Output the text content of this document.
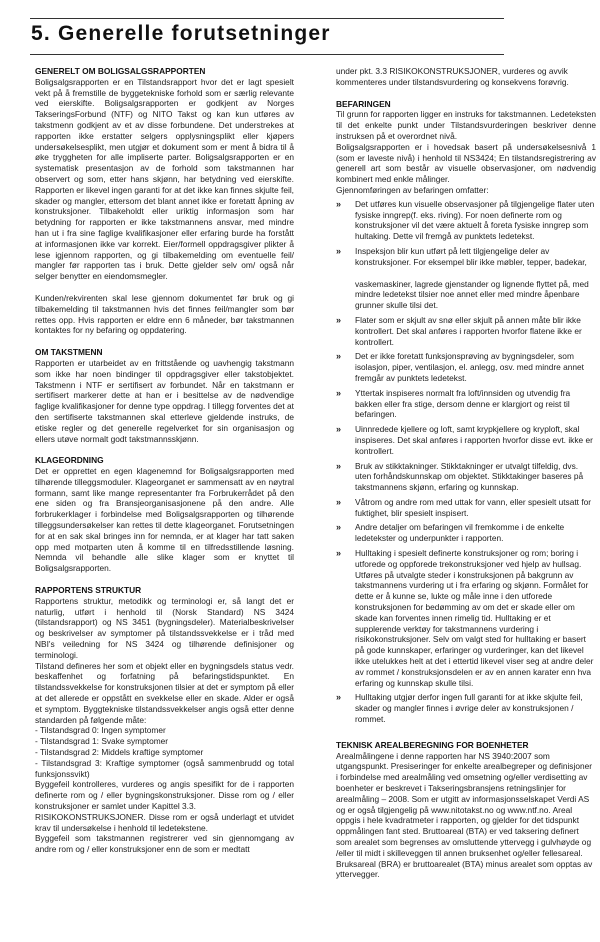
5. Generelle forutsetninger

GENERELT OM BOLIGSALGSRAPPORTEN

Boligsalgsrapporten er en Tilstandsrapport hvor det er lagt spesielt vekt på å fremstille de byggetekniske forhold som er særlig relevante ved eierskifte. Boligsalgsrapporten er godkjent av Norges TakseringsForbund (NTF) og NITO Takst og kan kun utføres av takstmenn godkjent av et av disse forbundene. Det understrekes at rapporten ikke erstatter selgers opplysningsplikt eller kjøpers undersøkelsesplikt, men utgjør et dokument som er ment å bidra til å øke tryggheten for alle impliserte parter. Boligsalgsrapporten er en systematisk presentasjon av de forhold som takstmannen har observert og som, etter hans skjønn, har betydning ved eierskifte. Rapporten er likevel ingen garanti for at det ikke kan finnes skjulte feil, skader og mangler, ettersom det blant annet ikke er foretatt åpning av konstruksjoner. Tilbakeholdt eller uriktig informasjon som har betydning for rapporten er ikke takstmannens ansvar, med mindre han ut i fra sine faglige kvalifikasjoner eller erfaring burde ha forstått at informasjonen ikke var korrekt. Eier/formell oppdragsgiver plikter å lese igjennom rapporten, og gi tilbakemelding om eventuelle feil/ mangler før rapporten tas i bruk. Dette gjelder selv om/ også når selger benytter en eiendomsmegler.

Kunden/rekvirenten skal lese gjennom dokumentet før bruk og gi tilbakemelding til takstmannen hvis det finnes feil/mangler som bør rettes opp. Hvis rapporten er eldre enn 6 måneder, bør takstmannen kontaktes for ny befaring og oppdatering.

OM TAKSTMENN

Rapporten er utarbeidet av en frittstående og uavhengig takstmann som ikke har noen bindinger til oppdragsgiver eller takstobjektet. Takstmenn i NTF er sertifisert av forbundet. Når en takstmann er sertifisert markerer dette at han er i besittelse av de nødvendige faglige kvalifikasjoner for denne type oppdrag. I tillegg forventes det at den sertifiserte takstmannen skal etterleve gjeldende instruks, de etiske regler og det generelle regelverket for sin organisasjon og ellers utøve normalt godt takstmannsskjønn.

KLAGEORDNING

Det er opprettet en egen klagenemnd for Boligsalgsrapporten med tilhørende tilleggsmoduler. Klageorganet er sammensatt av en nøytral formann, samt like mange representanter fra Forbrukerrådet på den ene siden og fra Bransjeorganisasjonene på den andre. Alle forbrukerklager i forbindelse med Boligsalgsrapporten og tilhørende tilleggsundersøkelser kan rettes til dette klageorganet. Forutsetningen for at en sak skal bringes inn for nemnda, er at klager har tatt saken opp med motparten uten å komme til en tilfredsstillende løsning. Nemnda vil behandle alle slike klager som er knyttet til Boligsalgsrapporten.

RAPPORTENS STRUKTUR

Rapportens struktur, metodikk og terminologi er, så langt det er naturlig, utført i henhold til (Norsk Standard) NS 3424 (tilstandsrapport) og NS 3451 (bygningsdeler). Materialbeskrivelser og beskrivelser av symptomer på tilstandssvekkelse er i tråd med NBI's veiledning for NS 3424 og tilhørende definisjoner og terminologi.

Tilstand defineres her som et objekt eller en bygningsdels status vedr. beskaffenhet og forfatning på befaringstidspunktet. En tilstandssvekkelse for konstruksjonen tilsier at det er symptom på eller at det allerede er oppstått en svekkelse eller en skade. Alder er også et symptom. Byggtekniske tilstandssvekkelser angis også etter denne standarden på følgende måte:

- Tilstandsgrad 0: Ingen symptomer

- Tilstandsgrad 1: Svake symptomer

- Tilstandsgrad 2: Middels kraftige symptomer

- Tilstandsgrad 3: Kraftige symptomer (også sammenbrudd og total funksjonssvikt)

Byggefeil kontrolleres, vurderes og angis spesifikt for de i rapporten definerte rom og / eller bygningskonstruksjoner. Disse rom og / eller konstruksjoner er samlet under Kapittel 3.3.

RISIKOKONSTRUKSJONER. Disse rom er også underlagt et utvidet krav til undersøkelse i henhold til ledetekstene.

Byggefeil som takstmannen registrerer ved sin gjennomgang av andre rom og / eller konstruksjoner enn de som er medtatt

under pkt. 3.3 RISIKOKONSTRUKSJONER, vurderes og avvik kommenteres under tilstandsvurdering og konsekvens forøvrig.

BEFARINGEN

Til grunn for rapporten ligger en instruks for takstmannen. Ledeteksten til det enkelte punkt under Tilstandsvurderingen beskriver denne instruksen på et overordnet nivå.

Boligsalgsrapporten er i hovedsak basert på undersøkelsesnivå 1 (som er laveste nivå) i henhold til NS3424; En tilstandsregistrering av generell art som består av visuelle observasjoner, om nødvendig kombinert med enkle målinger.

Gjennomføringen av befaringen omfatter:

» Det utføres kun visuelle observasjoner på tilgjengelige flater uten fysiske inngrep(f. eks. riving). For noen definerte rom og konstruksjoner vil det være aktuelt å foreta fysiske inngrep som hultaking. Dette vil fremgå av punktets ledetekst.
» Inspeksjon blir kun utført på lett tilgjengelige deler av konstruksjoner. For eksempel blir ikke møbler, tepper, badekar,
vaskemaskiner, lagrede gjenstander og lignende flyttet på, med mindre ledetekst tilsier noe annet eller med mindre åpenbare grunner skulle tilsi det.
» Flater som er skjult av snø eller skjult på annen måte blir ikke kontrollert. Det skal anføres i rapporten hvorfor flatene ikke er kontrollert.
» Det er ikke foretatt funksjonsprøving av bygningsdeler, som isolasjon, piper, ventilasjon, el. anlegg, osv. med mindre annet fremgår av punktets ledetekst.
» Yttertak inspiseres normalt fra loft/innsiden og utvendig fra bakken eller fra stige, dersom denne er klargjort og reist til befaringen.
» Uinnredede kjellere og loft, samt krypkjellere og kryploft, skal inspiseres. Det skal anføres i rapporten hvorfor disse evt. ikke er kontrollert.
» Bruk av stikktakninger. Stikktakninger er utvalgt tilfeldig, dvs. uten forhåndskunnskap om objektet. Stikktakinger baseres på takstmannens skjønn, erfaring og kunnskap.
» Våtrom og andre rom med uttak for vann, eller spesielt utsatt for fuktighet, blir spesielt inspisert.
» Andre detaljer om befaringen vil fremkomme i de enkelte ledetekster og underpunkter i rapporten.
» Hulltaking i spesielt definerte konstruksjoner og rom; boring i utforede og oppforede trekonstruksjoner ved hjelp av hullsag. Utføres på utvalgte steder i konstruksjonen på bakgrunn av takstmannens vurdering ut i fra erfaring og skjønn. Formålet for dette er å kunne se, lukte og måle inne i den utforede konstruksjonen for bedømming av om det er skade eller om skade kan forventes innen rimelig tid. Hulltaking er et supplerende verktøy for takstmannens vurdering i risikokonstruksjoner. Selv om valgt sted for hulltaking er basert på gode kunnskaper, erfaringer og vurderinger, kan det likevel ikke utelukkes helt at det i ettertid likevel viser seg at andre deler av rommet / konstruksjonsdelen er av en annen karater enn hva erfaring og kunnskap skulle tilsi.
» Hulltaking utgjør derfor ingen full garanti for at ikke skjulte feil, skader og mangler finnes i øvrige deler av konstruksjonen / rommet.

TEKNISK AREALBEREGNING FOR BOENHETER

Arealmålingene i denne rapporten har NS 3940:2007 som utgangspunkt. Presiseringer for enkelte arealbegreper og definisjoner i forbindelse med arealmåling ved omsetning og/eller verdisetting av boenheter er beskrevet i Takseringsbransjens retningslinjer for arealmåling – 2008. Som er utgitt av informasjonsselskapet Verdi AS og er også tilgjengelig på www.nitotakst.no og www.ntf.no. Areal oppgis i hele kvadratmeter i rapporten, og gjelder for det tidspunkt oppmålingen fant sted. Bruttoareal (BTA) er ved taksering definert som arealet som begrenses av omsluttende yttervegg i gulvhøyde og /eller til midt i skilleveggen til annen bruksenhet og/eller fellesareal. Bruksareal (BRA) er bruttoarealet (BTA) minus arealet som opptas av yttervegger.
